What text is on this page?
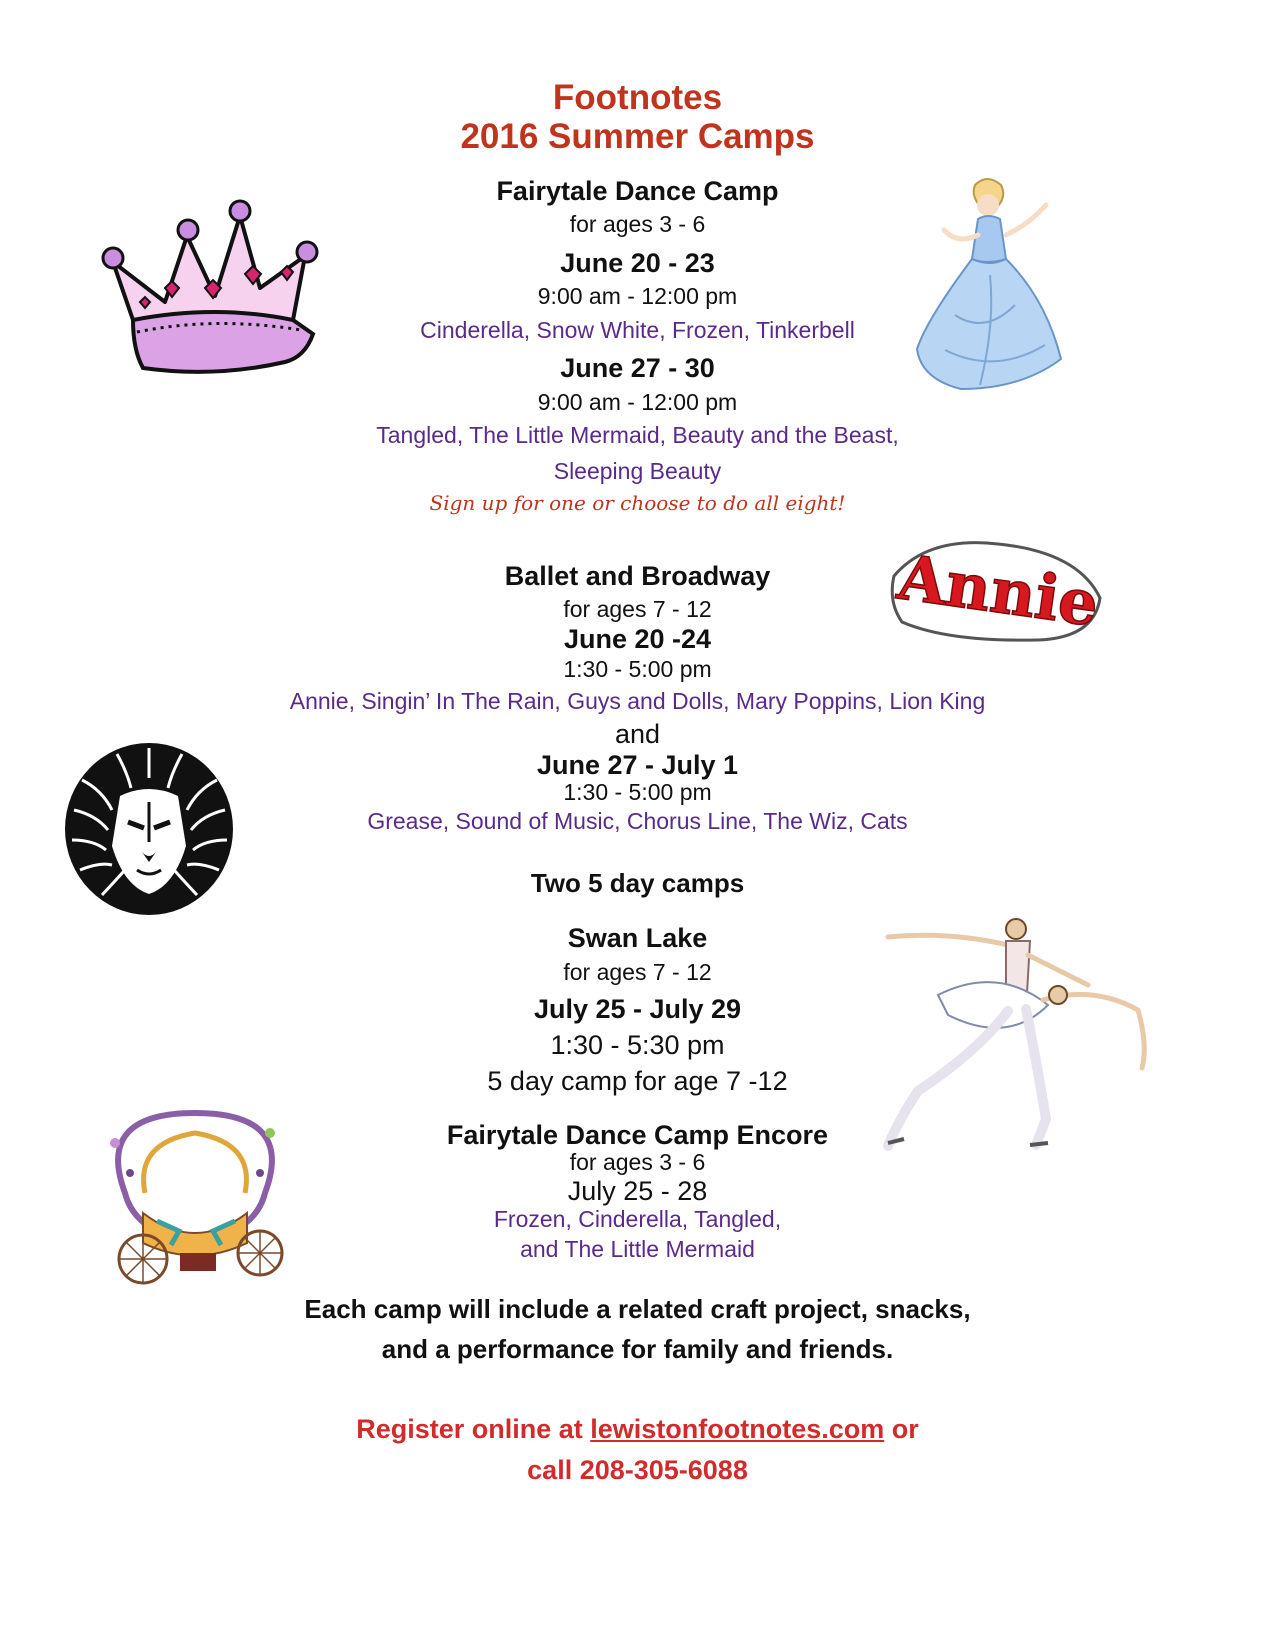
Footnotes
2016 Summer Camps
Fairytale Dance Camp
for ages 3 - 6
June 20 - 23
9:00 am - 12:00 pm
Cinderella, Snow White, Frozen, Tinkerbell
June 27 - 30
9:00 am - 12:00 pm
Tangled, The Little Mermaid, Beauty and the Beast,
Sleeping Beauty
Sign up for one or choose to do all eight!
Ballet and Broadway
for ages 7 - 12
June 20 -24
1:30 - 5:00 pm
Annie, Singin’ In The Rain, Guys and Dolls, Mary Poppins, Lion King
and
June 27 - July 1
1:30 - 5:00 pm
Grease, Sound of Music, Chorus Line, The Wiz, Cats
Two 5 day camps
Swan Lake
for ages 7 - 12
July 25 - July 29
1:30 - 5:30 pm
5 day camp for age 7 -12
Fairytale Dance Camp Encore
for ages 3 - 6
July 25 - 28
Frozen, Cinderella, Tangled,
and The Little Mermaid
Each camp will include a related craft project, snacks,
and a performance for family and friends.
Register online at lewistonfootnotes.com or
call 208-305-6088
Annie
